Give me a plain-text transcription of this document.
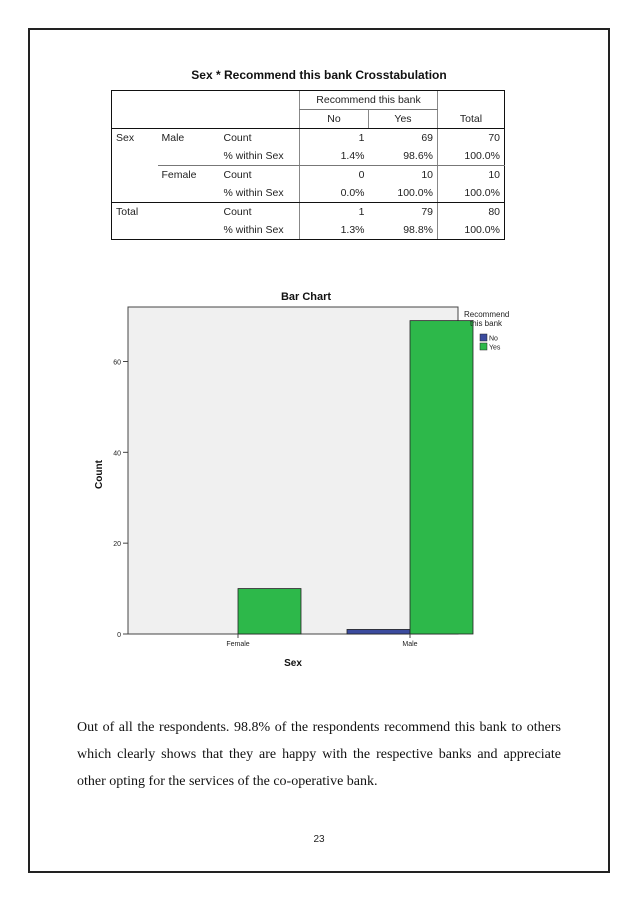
Sex * Recommend this bank Crosstabulation
			Recommend this bank		Total
			No	Yes	
Sex	Male	Count	1	69	70
		% within Sex	1.4%	98.6%	100.0%
	Female	Count	0	10	10
		% within Sex	0.0%	100.0%	100.0%
Total		Count	1	79	80
		% within Sex	1.3%	98.8%	100.0%
Bar Chart
0
20
40
60
Female	Male
Sex
Count
Recommend
this bank
No
Yes

Out of all the respondents. 98.8% of the respondents recommend this bank to others which clearly shows that they are happy with the respective banks and appreciate other opting for the services of the co-operative bank.

23
